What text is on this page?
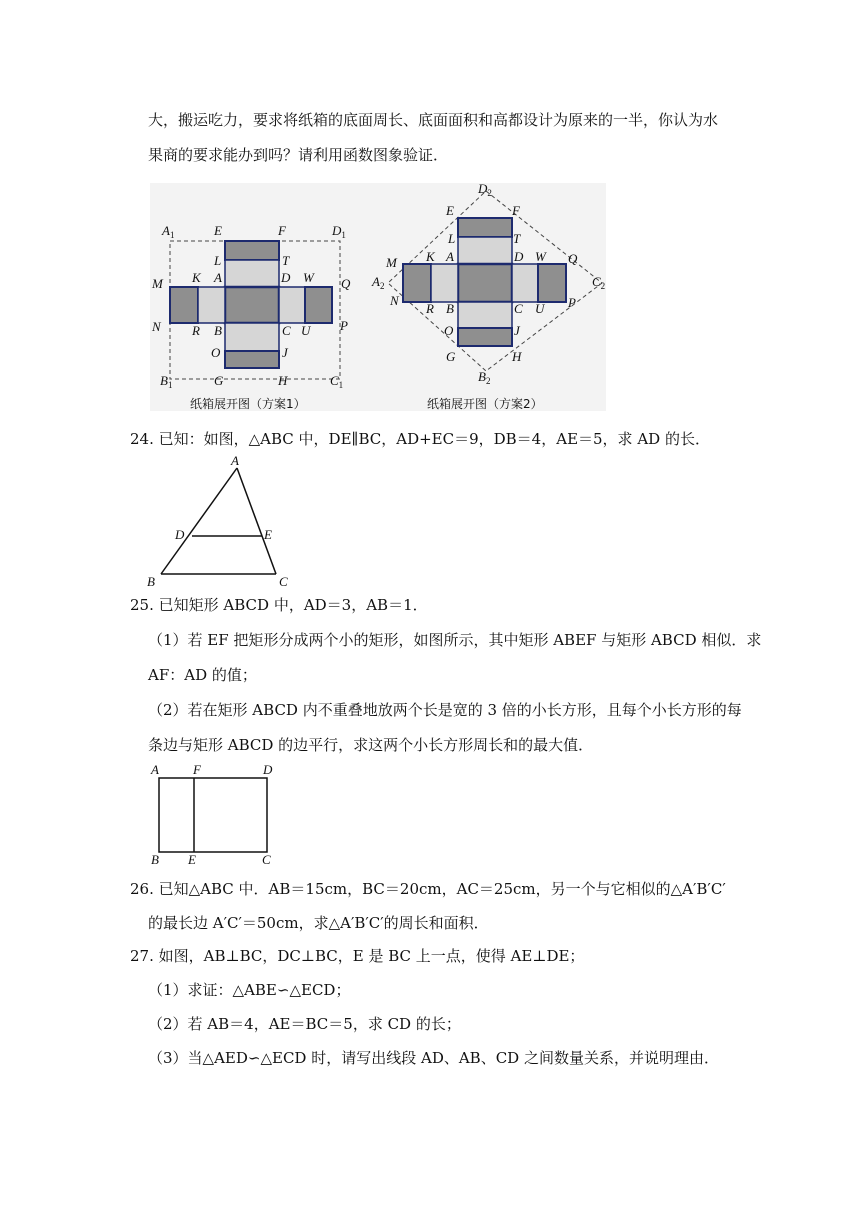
大，搬运吃力，要求将纸箱的底面周长、底面面积和高都设计为原来的一半，你认为水
果商的要求能办到吗？请利用函数图象验证．
$A_1$	E	F	$D_1$
L	T
K A	D W
M	Q
N R B	C U P
O	J
$B_1$	G	H	$C_1$
$D_2$
E	F
L	T
K A	D W Q
M
$A_2$	$C_2$
N
R B	C U P
O	J
G	H
$B_2$
纸箱展开图（方案1）	纸箱展开图（方案2）
24. 已知：如图，△ABC 中，DE∥BC，AD+EC＝9，DB＝4，AE＝5，求 AD 的长．
A
D	E
B	C
25. 已知矩形 ABCD 中，AD＝3，AB＝1．
（1）若 EF 把矩形分成两个小的矩形，如图所示，其中矩形 ABEF 与矩形 ABCD 相似．求
AF：AD 的值；
（2）若在矩形 ABCD 内不重叠地放两个长是宽的 3 倍的小长方形，且每个小长方形的每
条边与矩形 ABCD 的边平行，求这两个小长方形周长和的最大值．
A	F	D
B E	C
26. 已知△ABC 中．AB＝15cm，BC＝20cm，AC＝25cm，另一个与它相似的△A′B′C′
的最长边 A′C′＝50cm，求△A′B′C′的周长和面积．
27. 如图，AB⊥BC，DC⊥BC，E 是 BC 上一点，使得 AE⊥DE；
（1）求证：△ABE∽△ECD；
（2）若 AB＝4，AE＝BC＝5，求 CD 的长；
（3）当△AED∽△ECD 时，请写出线段 AD、AB、CD 之间数量关系，并说明理由．
